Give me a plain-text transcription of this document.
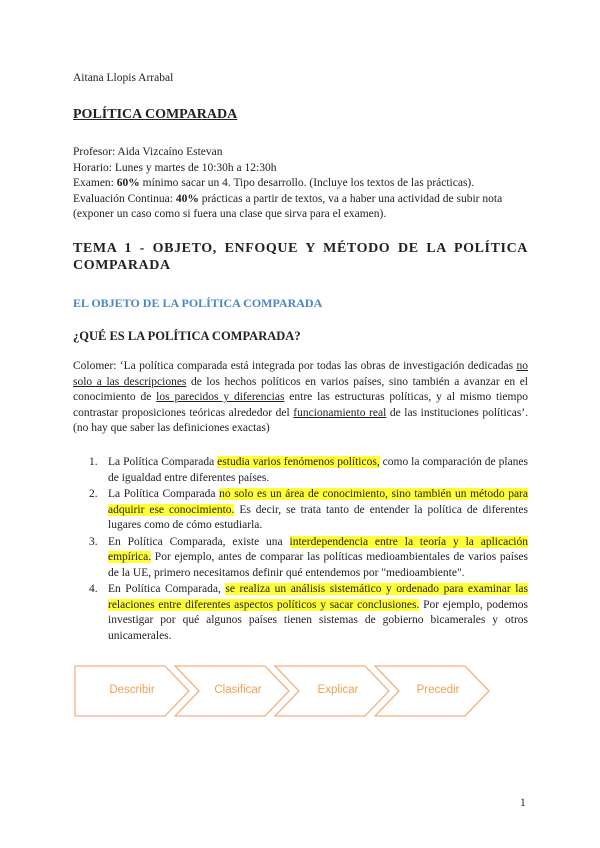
Aitana Llopis Arrabal
POLÍTICA COMPARADA

Profesor: Aida Vizcaíno Estevan

Horario: Lunes y martes de 10:30h a 12:30h

Examen: 60% mínimo sacar un 4. Tipo desarrollo. (Incluye los textos de las prácticas).

Evaluación Continua: 40% prácticas a partir de textos, va a haber una actividad de subir nota (exponer un caso como si fuera una clase que sirva para el examen).

TEMA 1 - OBJETO, ENFOQUE Y MÉTODO DE LA POLÍTICA COMPARADA
EL OBJETO DE LA POLÍTICA COMPARADA
¿QUÉ ES LA POLÍTICA COMPARADA?
Colomer: ‘La política comparada está integrada por todas las obras de investigación dedicadas no solo a las descripciones de los hechos políticos en varios países, sino también a avanzar en el conocimiento de los parecidos y diferencias entre las estructuras políticas, y al mismo tiempo contrastar proposiciones teóricas alrededor del funcionamiento real de las instituciones políticas’. (no hay que saber las definiciones exactas)
1. La Política Comparada estudia varios fenómenos políticos, como la comparación de planes de igualdad entre diferentes países.
2. La Política Comparada no solo es un área de conocimiento, sino también un método para adquirir ese conocimiento. Es decir, se trata tanto de entender la política de diferentes lugares como de cómo estudiarla.
3. En Política Comparada, existe una interdependencia entre la teoría y la aplicación empírica. Por ejemplo, antes de comparar las políticas medioambientales de varios países de la UE, primero necesitamos definir qué entendemos por "medioambiente".
4. En Política Comparada, se realiza un análisis sistemático y ordenado para examinar las relaciones entre diferentes aspectos políticos y sacar conclusiones. Por ejemplo, podemos investigar por qué algunos países tienen sistemas de gobierno bicamerales y otros unicamerales.
Describir	Clasificar	Explicar	Precedir
1
